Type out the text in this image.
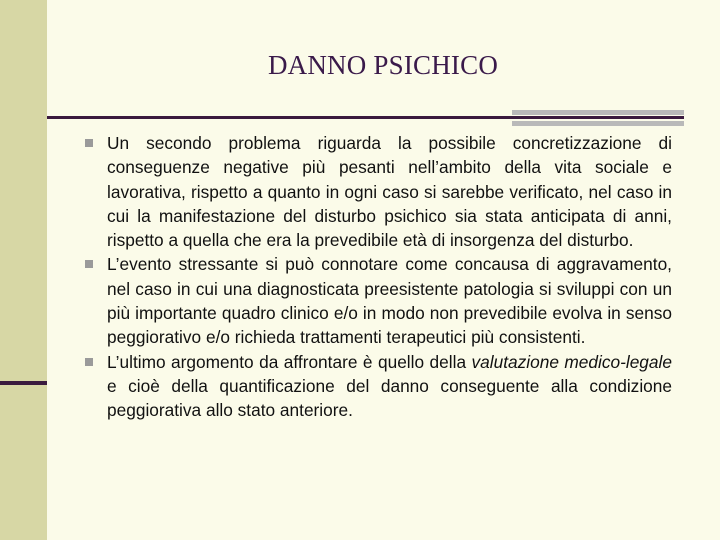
DANNO PSICHICO
Un secondo problema riguarda la possibile concretizzazione di conseguenze negative più pesanti nell’ambito della vita sociale e lavorativa, rispetto a quanto in ogni caso si sarebbe verificato, nel caso in cui la manifestazione del disturbo psichico sia stata anticipata di anni, rispetto a quella che era la prevedibile età di insorgenza del disturbo.
L’evento stressante si può connotare come concausa di aggravamento, nel caso in cui una diagnosticata preesistente patologia si sviluppi con un più importante quadro clinico e/o in modo non prevedibile evolva in senso peggiorativo e/o richieda trattamenti terapeutici più consistenti.
L’ultimo argomento da affrontare è quello della valutazione medico-legale e cioè della quantificazione del danno conseguente alla condizione peggiorativa allo stato anteriore.
